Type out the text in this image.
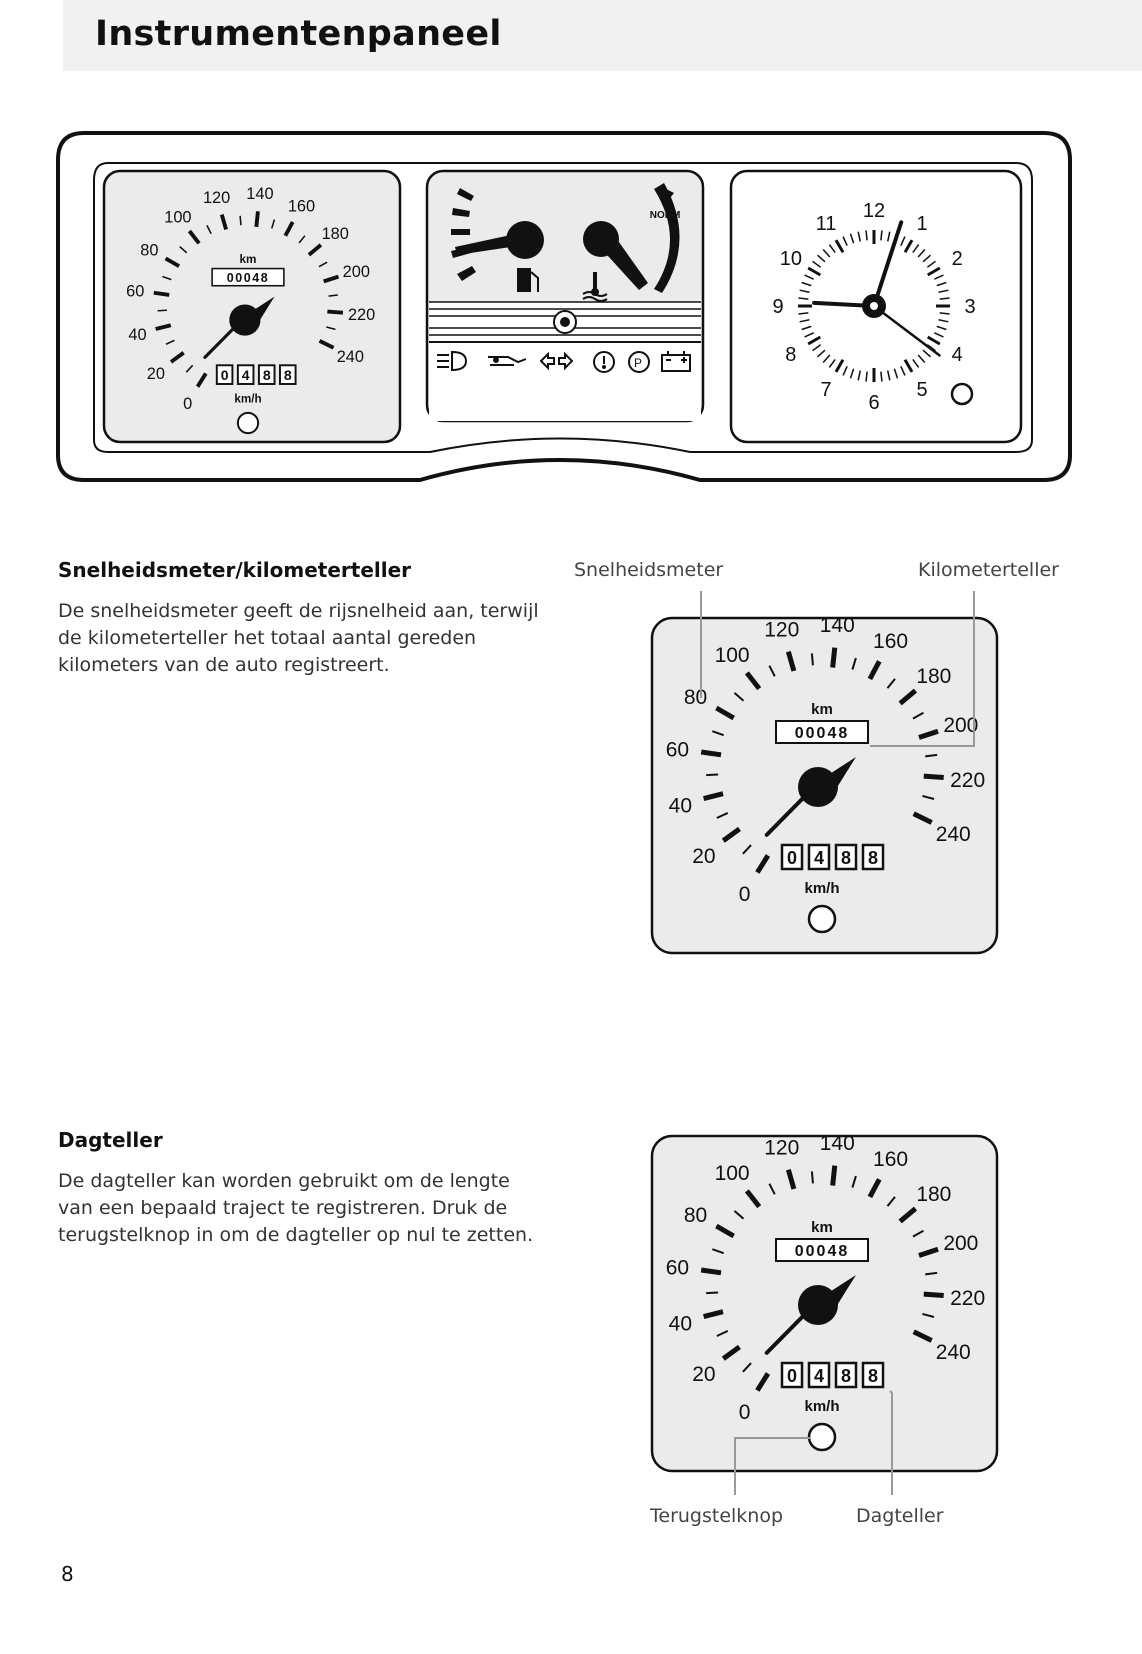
Instrumentenpaneel
P
NORM
0
20
40
60
80
100
120 140
160
180
200
220
240
km
00048
0 4 8 8
km/h
12
1
2
3
4
5
6
7
8
9
10
11
Snelheidsmeter/kilometerteller

De snelheidsmeter geeft de rijsnelheid aan, terwijl de kilometerteller het totaal aantal gereden kilometers van de auto registreert.

Snelheidsmeter	Kilometerteller
0
20
40
60
80
100
120 140
160
180
200
220
240
km
00048
0 4 8 8
km/h
Dagteller

De dagteller kan worden gebruikt om de lengte van een bepaald traject te registreren. Druk de terugstelknop in om de dagteller op nul te zetten.

0
20
40
60
80
100
120 140
160
180
200
220
240
km
00048
0 4 8 8
km/h
Terugstelknop	Dagteller
8
